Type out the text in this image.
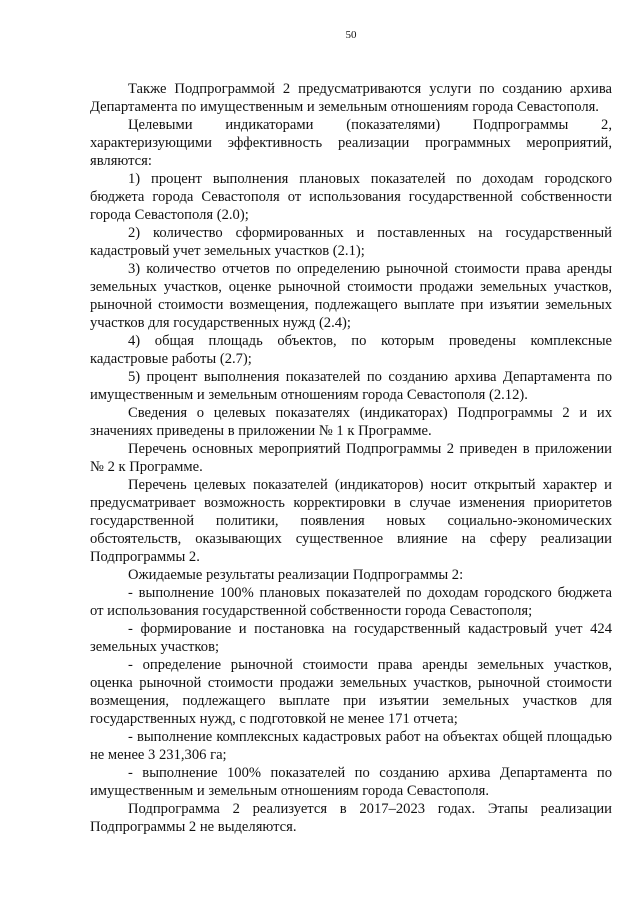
50

Также Подпрограммой 2 предусматриваются услуги по созданию архива Департамента по имущественным и земельным отношениям города Севастополя.

Целевыми индикаторами (показателями) Подпрограммы 2, характеризующими эффективность реализации программных мероприятий, являются:

1) процент выполнения плановых показателей по доходам городского бюджета города Севастополя от использования государственной собственности города Севастополя (2.0);

2) количество сформированных и поставленных на государственный кадастровый учет земельных участков (2.1);

3) количество отчетов по определению рыночной стоимости права аренды земельных участков, оценке рыночной стоимости продажи земельных участков, рыночной стоимости возмещения, подлежащего выплате при изъятии земельных участков для государственных нужд (2.4);

4) общая площадь объектов, по которым проведены комплексные кадастровые работы (2.7);

5) процент выполнения показателей по созданию архива Департамента по имущественным и земельным отношениям города Севастополя (2.12).

Сведения о целевых показателях (индикаторах) Подпрограммы 2 и их значениях приведены в приложении № 1 к Программе.

Перечень основных мероприятий Подпрограммы 2 приведен в приложении № 2 к Программе.

Перечень целевых показателей (индикаторов) носит открытый характер и предусматривает возможность корректировки в случае изменения приоритетов государственной политики, появления новых социально-экономических обстоятельств, оказывающих существенное влияние на сферу реализации Подпрограммы 2.

Ожидаемые результаты реализации Подпрограммы 2:

- выполнение 100% плановых показателей по доходам городского бюджета от использования государственной собственности города Севастополя;

- формирование и постановка на государственный кадастровый учет 424 земельных участков;

- определение рыночной стоимости права аренды земельных участков, оценка рыночной стоимости продажи земельных участков, рыночной стоимости возмещения, подлежащего выплате при изъятии земельных участков для государственных нужд, с подготовкой не менее 171 отчета;

- выполнение комплексных кадастровых работ на объектах общей площадью не менее 3 231,306 га;

- выполнение 100% показателей по созданию архива Департамента по имущественным и земельным отношениям города Севастополя.

Подпрограмма 2 реализуется в 2017–2023 годах. Этапы реализации Подпрограммы 2 не выделяются.
